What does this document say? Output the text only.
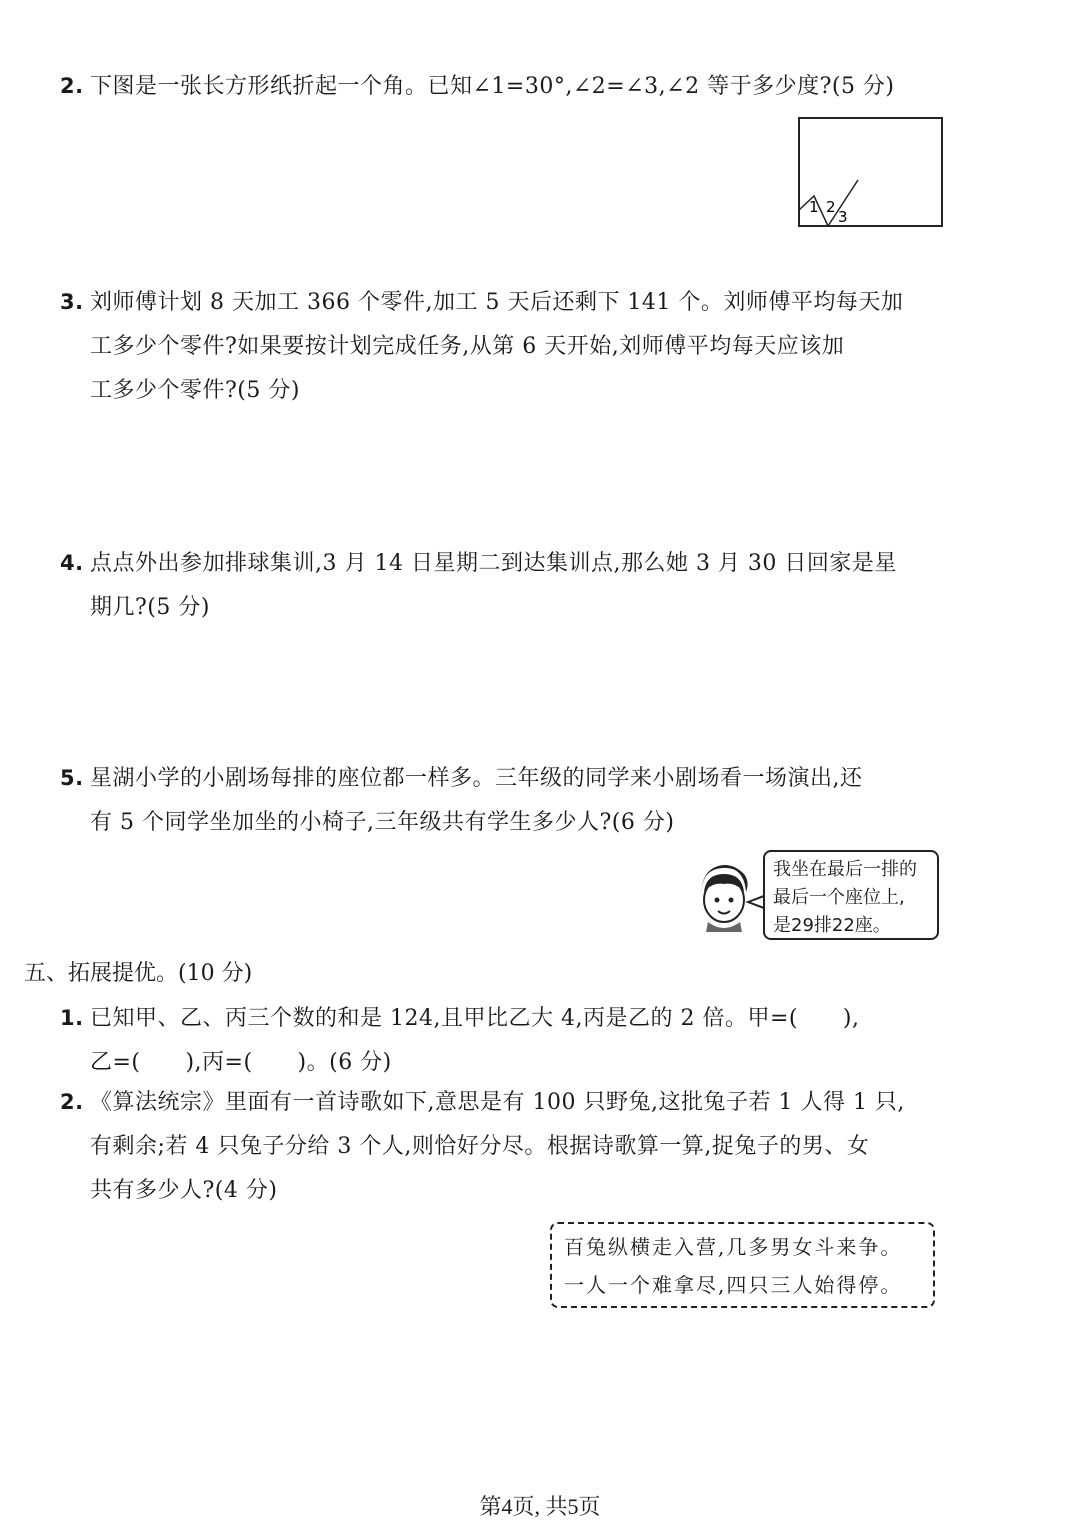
2. 下图是一张长方形纸折起一个角。已知∠1=30°,∠2=∠3,∠2 等于多少度?(5 分)
1 2
3
3. 刘师傅计划 8 天加工 366 个零件,加工 5 天后还剩下 141 个。刘师傅平均每天加
工多少个零件?如果要按计划完成任务,从第 6 天开始,刘师傅平均每天应该加
工多少个零件?(5 分)
4. 点点外出参加排球集训,3 月 14 日星期二到达集训点,那么她 3 月 30 日回家是星
期几?(5 分)
5. 星湖小学的小剧场每排的座位都一样多。三年级的同学来小剧场看一场演出,还
有 5 个同学坐加坐的小椅子,三年级共有学生多少人?(6 分)
我坐在最后一排的
最后一个座位上,
是29排22座。
五、拓展提优。(10 分)
1. 已知甲、乙、丙三个数的和是 124,且甲比乙大 4,丙是乙的 2 倍。甲=(      ),
乙=(      ),丙=(      )。(6 分)
2. 《算法统宗》里面有一首诗歌如下,意思是有 100 只野兔,这批兔子若 1 人得 1 只,
有剩余;若 4 只兔子分给 3 个人,则恰好分尽。根据诗歌算一算,捉兔子的男、女
共有多少人?(4 分)
百兔纵横走入营,几多男女斗来争。
一人一个难拿尽,四只三人始得停。
第4页, 共5页
